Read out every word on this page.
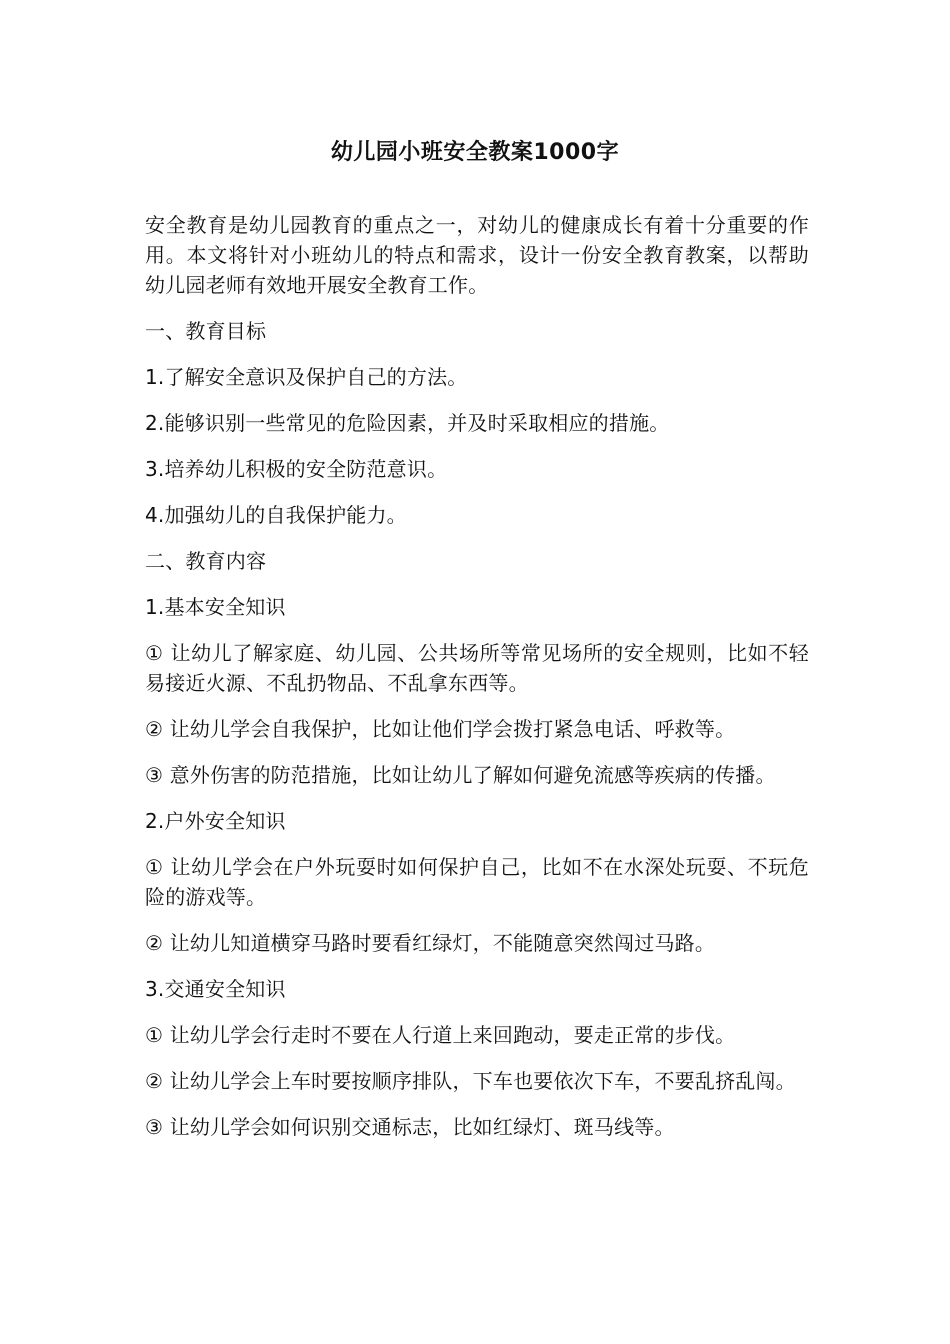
幼儿园小班安全教案1000字

安全教育是幼儿园教育的重点之一，对幼儿的健康成长有着十分重要的作用。本文将针对小班幼儿的特点和需求，设计一份安全教育教案，以帮助幼儿园老师有效地开展安全教育工作。

一、教育目标

1.了解安全意识及保护自己的方法。

2.能够识别一些常见的危险因素，并及时采取相应的措施。

3.培养幼儿积极的安全防范意识。

4.加强幼儿的自我保护能力。

二、教育内容

1.基本安全知识

① 让幼儿了解家庭、幼儿园、公共场所等常见场所的安全规则，比如不轻易接近火源、不乱扔物品、不乱拿东西等。

② 让幼儿学会自我保护，比如让他们学会拨打紧急电话、呼救等。

③ 意外伤害的防范措施，比如让幼儿了解如何避免流感等疾病的传播。

2.户外安全知识

① 让幼儿学会在户外玩耍时如何保护自己，比如不在水深处玩耍、不玩危险的游戏等。

② 让幼儿知道横穿马路时要看红绿灯，不能随意突然闯过马路。

3.交通安全知识

① 让幼儿学会行走时不要在人行道上来回跑动，要走正常的步伐。

② 让幼儿学会上车时要按顺序排队，下车也要依次下车，不要乱挤乱闯。

③ 让幼儿学会如何识别交通标志，比如红绿灯、斑马线等。
